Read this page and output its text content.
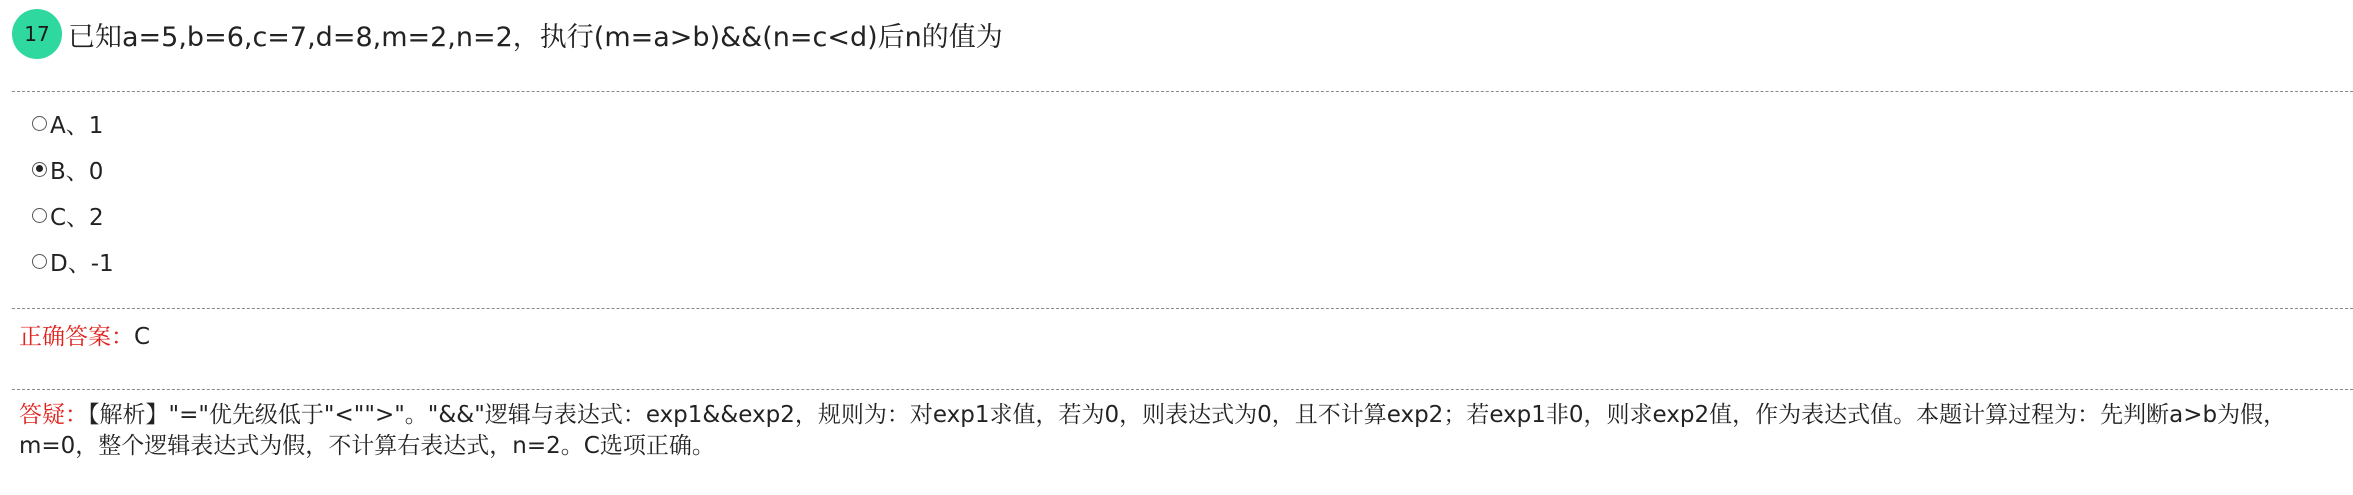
17 已知a=5,b=6,c=7,d=8,m=2,n=2，执行(m=a>b)&&(n=c<d)后n的值为
A、1
B、0
C、2
D、-1
正确答案：C
答疑：【解析】"="优先级低于"<"">"。"&&"逻辑与表达式：exp1&&exp2，规则为：对exp1求值，若为0，则表达式为0，且不计算exp2；若exp1非0，则求exp2值，作为表达式值。本题计算过程为：先判断a>b为假，m=0，整个逻辑表达式为假，不计算右表达式，n=2。C选项正确。
